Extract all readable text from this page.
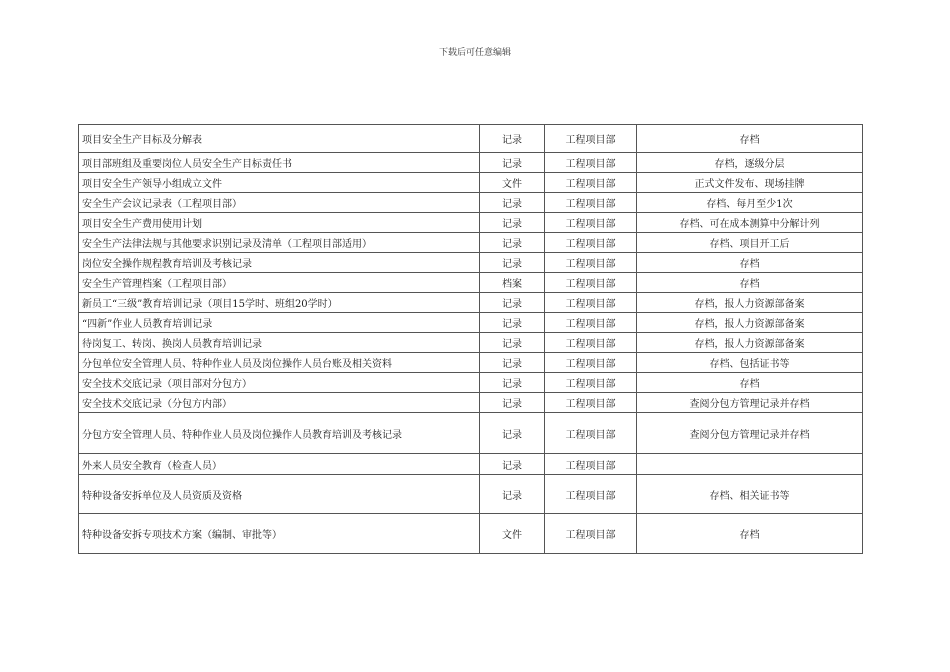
下载后可任意编辑
项目安全生产目标及分解表	记录	工程项目部	存档
项目部班组及重要岗位人员安全生产目标责任书	记录	工程项目部	存档，逐级分层
项目安全生产领导小组成立文件	文件	工程项目部	正式文件发布、现场挂牌
安全生产会议记录表（工程项目部）	记录	工程项目部	存档、每月至少1次
项目安全生产费用使用计划	记录	工程项目部	存档、可在成本测算中分解计列
安全生产法律法规与其他要求识别记录及清单（工程项目部适用）	记录	工程项目部	存档、项目开工后
岗位安全操作规程教育培训及考核记录	记录	工程项目部	存档
安全生产管理档案（工程项目部）	档案	工程项目部	存档
新员工“三级”教育培训记录（项目15学时、班组20学时）	记录	工程项目部	存档，报人力资源部备案
“四新”作业人员教育培训记录	记录	工程项目部	存档，报人力资源部备案
待岗复工、转岗、换岗人员教育培训记录	记录	工程项目部	存档，报人力资源部备案
分包单位安全管理人员、特种作业人员及岗位操作人员台账及相关资料	记录	工程项目部	存档、包括证书等
安全技术交底记录（项目部对分包方）	记录	工程项目部	存档
安全技术交底记录（分包方内部）	记录	工程项目部	查阅分包方管理记录并存档
分包方安全管理人员、特种作业人员及岗位操作人员教育培训及考核记录	记录	工程项目部	查阅分包方管理记录并存档
外来人员安全教育（检查人员）	记录	工程项目部	
特种设备安拆单位及人员资质及资格	记录	工程项目部	存档、相关证书等
特种设备安拆专项技术方案（编制、审批等）	文件	工程项目部	存档
